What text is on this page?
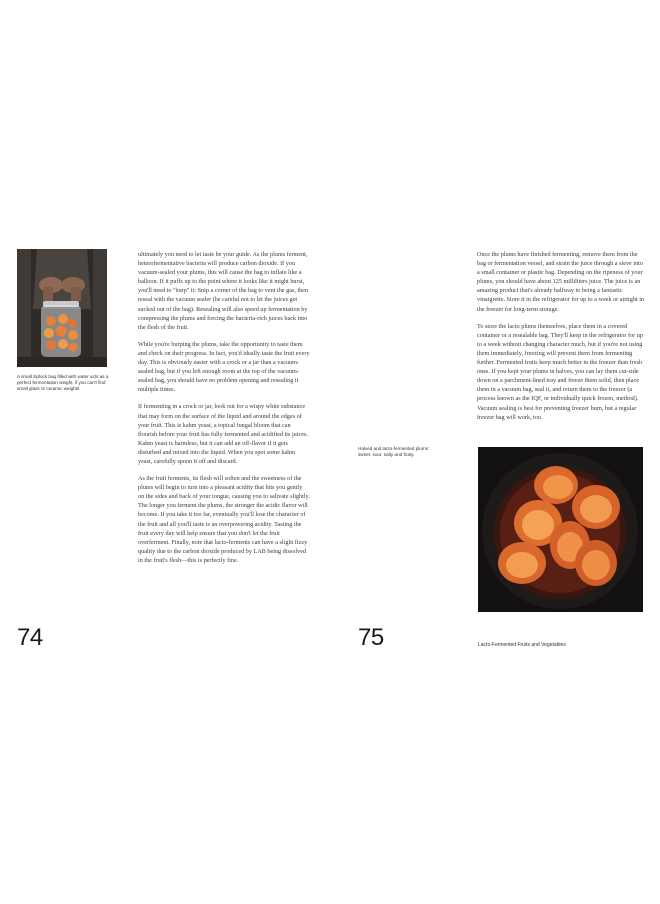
A small ziplock bag filled with water acts as a perfect fermentation weight, if you can't find small glass or ceramic weights.

ultimately you need to let taste be your guide. As the plums ferment, heterofermentative bacteria will produce carbon dioxide. If you vacuum-sealed your plums, this will cause the bag to inflate like a balloon. If it puffs up to the point where it looks like it might burst, you'll need to "burp" it: Snip a corner of the bag to vent the gas, then reseal with the vacuum sealer (be careful not to let the juices get sucked out of the bag). Resealing will also speed up fermentation by compressing the plums and forcing the bacteria-rich juices back into the flesh of the fruit.

While you're burping the plums, take the opportunity to taste them and check on their progress. In fact, you'd ideally taste the fruit every day. This is obviously easier with a crock or a jar than a vacuum-sealed bag, but if you left enough room at the top of the vacuum-sealed bag, you should have no problem opening and resealing it multiple times.

If fermenting in a crock or jar, look out for a wispy white substance that may form on the surface of the liquid and around the edges of your fruit. This is kahm yeast, a topical fungal bloom that can flourish before your fruit has fully fermented and acidified its juices. Kahm yeast is harmless, but it can add an off-flavor if it gets disturbed and mixed into the liquid. When you spot some kahm yeast, carefully spoon it off and discard.

As the fruit ferments, its flesh will soften and the sweetness of the plums will begin to turn into a pleasant acidity that hits you gently on the sides and back of your tongue, causing you to salivate slightly. The longer you ferment the plums, the stronger the acidic flavor will become. If you take it too far, eventually you'll lose the character of the fruit and all you'll taste is an overpowering acidity. Tasting the fruit every day will help ensure that you don't let the fruit overferment. Finally, note that lacto-ferments can have a slight fizzy quality due to the carbon dioxide produced by LAB being dissolved in the fruit's flesh—this is perfectly fine.

74

Once the plums have finished fermenting, remove them from the bag or fermentation vessel, and strain the juice through a sieve into a small container or plastic bag. Depending on the ripeness of your plums, you should have about 125 milliliters juice. The juice is an amazing product that's already halfway to being a fantastic vinaigrette. Store it in the refrigerator for up to a week or airtight in the freezer for long-term storage.

To store the lacto plums themselves, place them in a covered container or a resealable bag. They'll keep in the refrigerator for up to a week without changing character much, but if you're not using them immediately, freezing will prevent them from fermenting further. Fermented fruits keep much better in the freezer than fresh ones. If you kept your plums in halves, you can lay them cut-side down on a parchment-lined tray and freeze them solid, then place them in a vacuum bag, seal it, and return them to the freezer (a process known as the IQF, or individually quick frozen, method). Vacuum sealing is best for preventing freezer burn, but a regular freezer bag will work, too.

Halved and lacto-fermented plums: sweet, sour, salty and fruity.
75	Lacto-Fermented Fruits and Vegetables
